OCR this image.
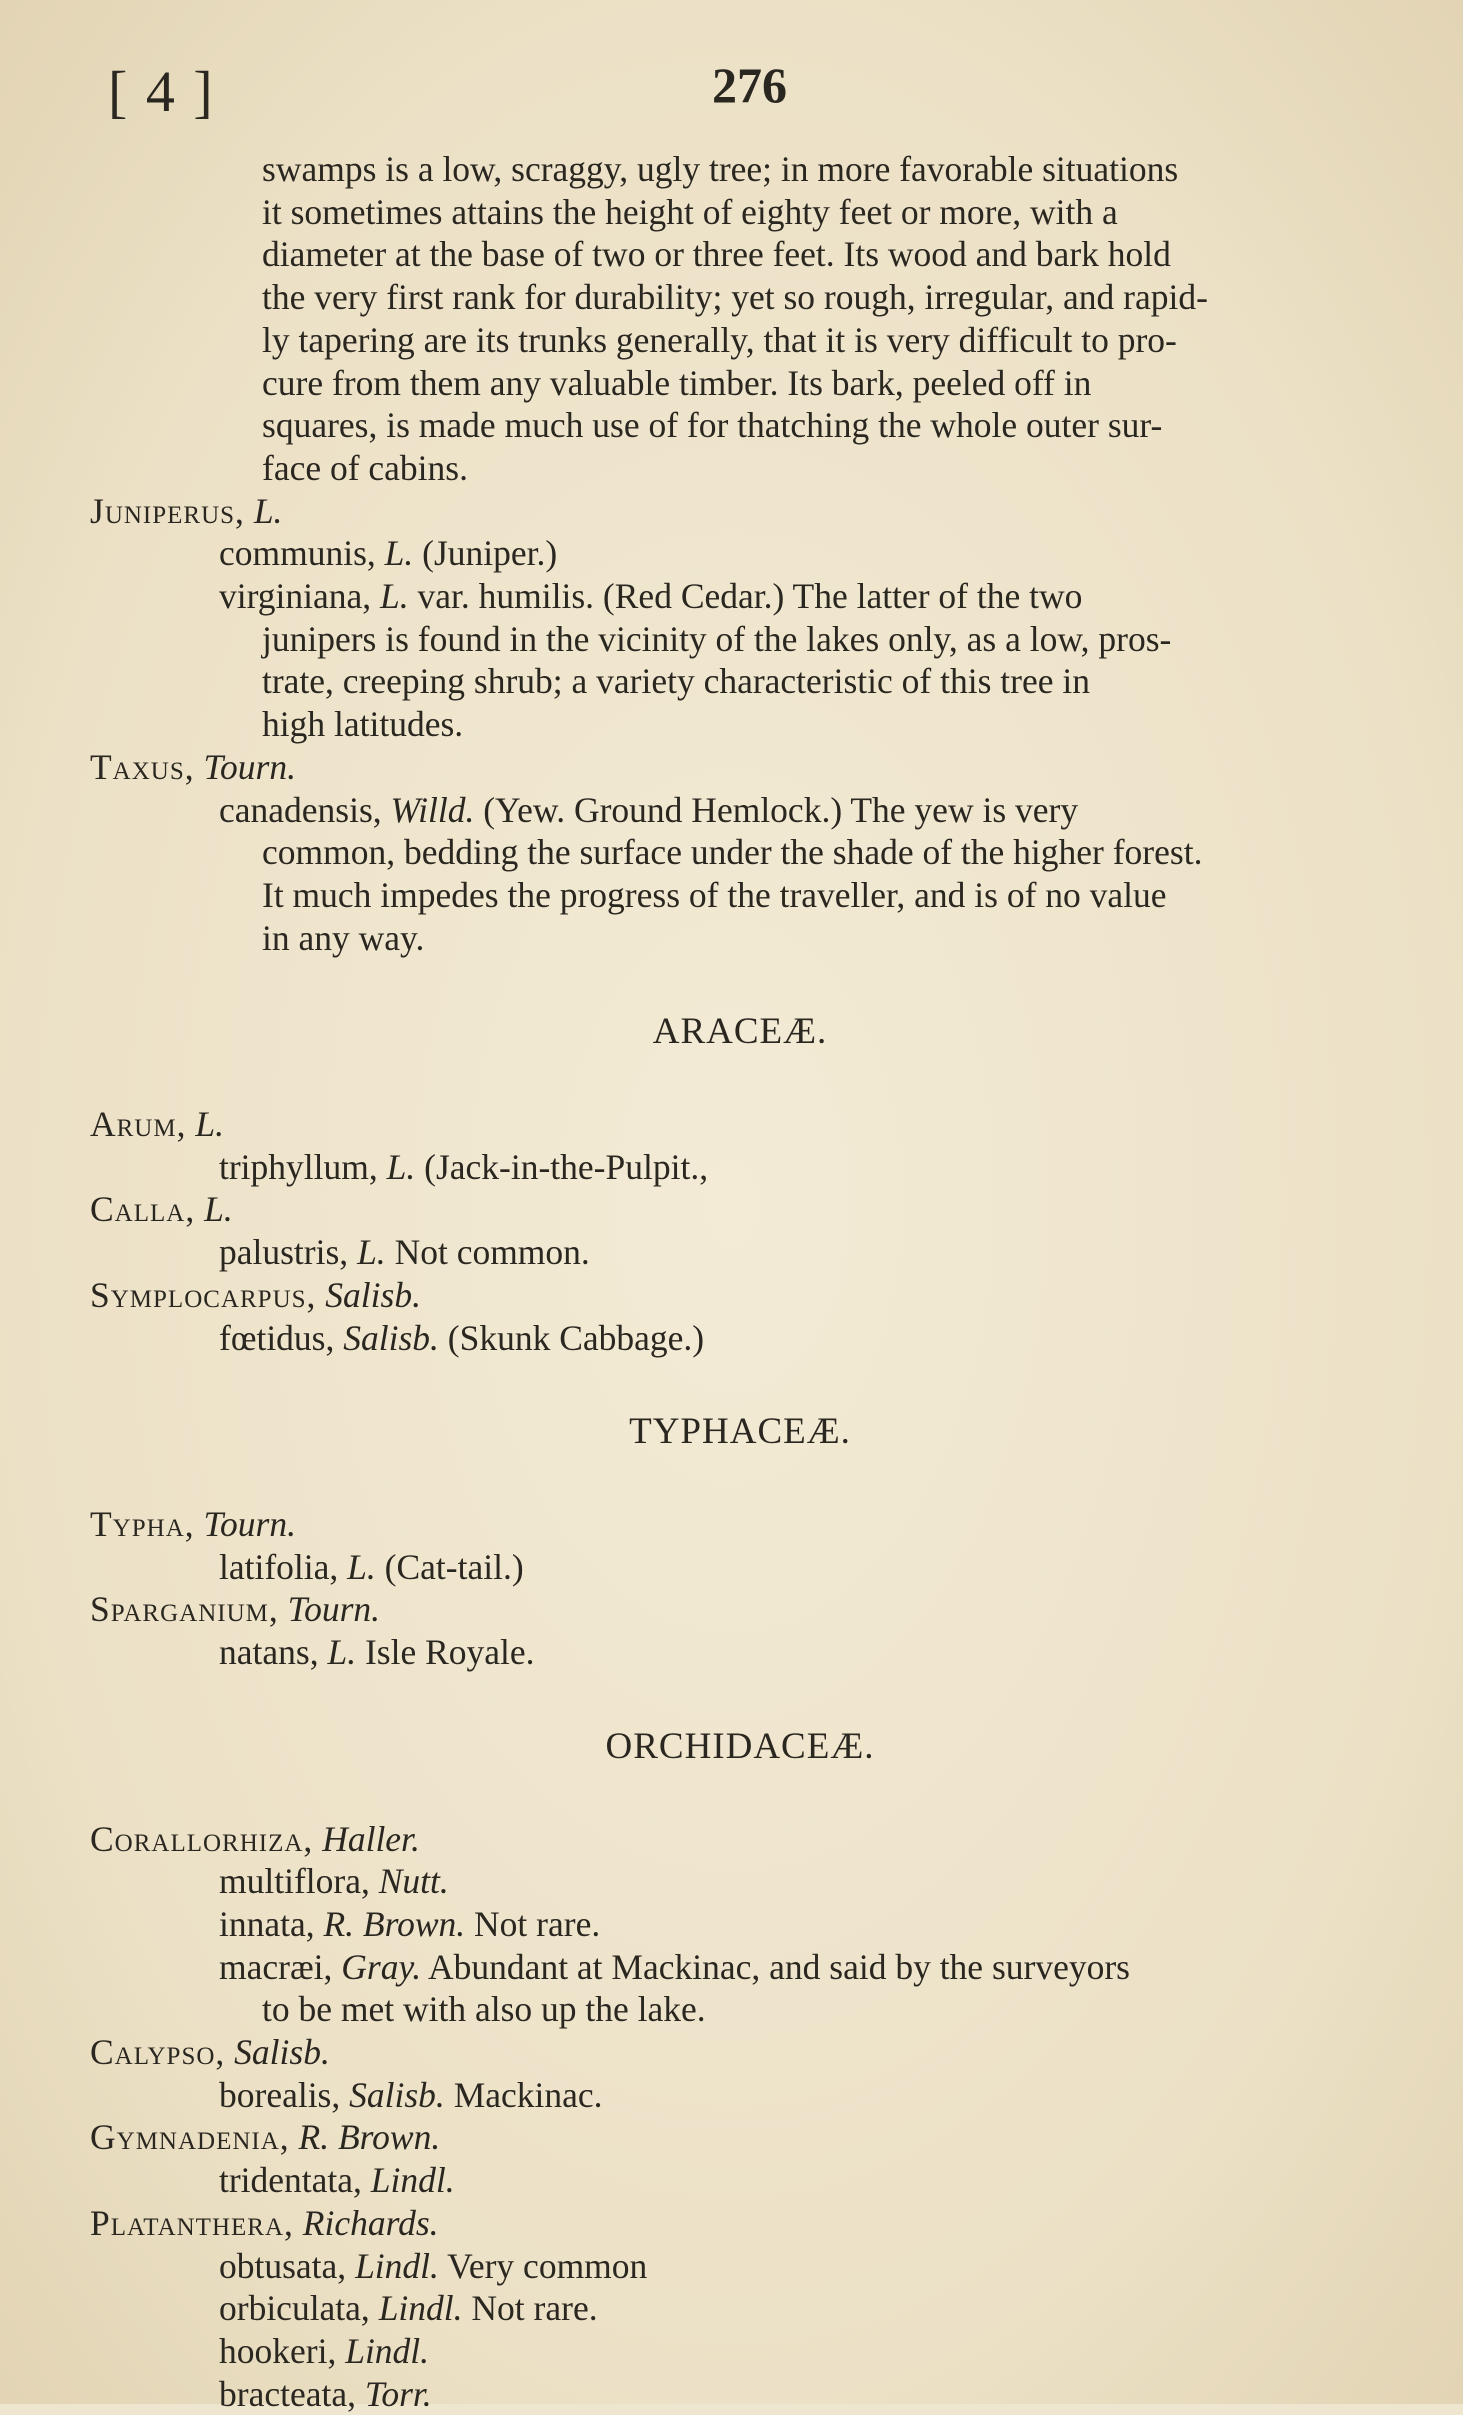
[ 4 ]	276
swamps is a low, scraggy, ugly tree; in more favorable situations
it sometimes attains the height of eighty feet or more, with a
diameter at the base of two or three feet. Its wood and bark hold
the very first rank for durability; yet so rough, irregular, and rapid-
ly tapering are its trunks generally, that it is very difficult to pro-
cure from them any valuable timber. Its bark, peeled off in
squares, is made much use of for thatching the whole outer sur-
face of cabins.
Juniperus, L.
communis, L. (Juniper.)
virginiana, L. var. humilis. (Red Cedar.) The latter of the two
junipers is found in the vicinity of the lakes only, as a low, pros-
trate, creeping shrub; a variety characteristic of this tree in
high latitudes.
Taxus, Tourn.
canadensis, Willd. (Yew. Ground Hemlock.) The yew is very
common, bedding the surface under the shade of the higher forest.
It much impedes the progress of the traveller, and is of no value
in any way.
ARACEÆ.
Arum, L.
triphyllum, L. (Jack-in-the-Pulpit.,
Calla, L.
palustris, L. Not common.
Symplocarpus, Salisb.
fœtidus, Salisb. (Skunk Cabbage.)
TYPHACEÆ.
Typha, Tourn.
latifolia, L. (Cat-tail.)
Sparganium, Tourn.
natans, L. Isle Royale.
ORCHIDACEÆ.
Corallorhiza, Haller.
multiflora, Nutt.
innata, R. Brown. Not rare.
macræi, Gray. Abundant at Mackinac, and said by the surveyors
to be met with also up the lake.
Calypso, Salisb.
borealis, Salisb. Mackinac.
Gymnadenia, R. Brown.
tridentata, Lindl.
Platanthera, Richards.
obtusata, Lindl. Very common
orbiculata, Lindl. Not rare.
hookeri, Lindl.
bracteata, Torr.
